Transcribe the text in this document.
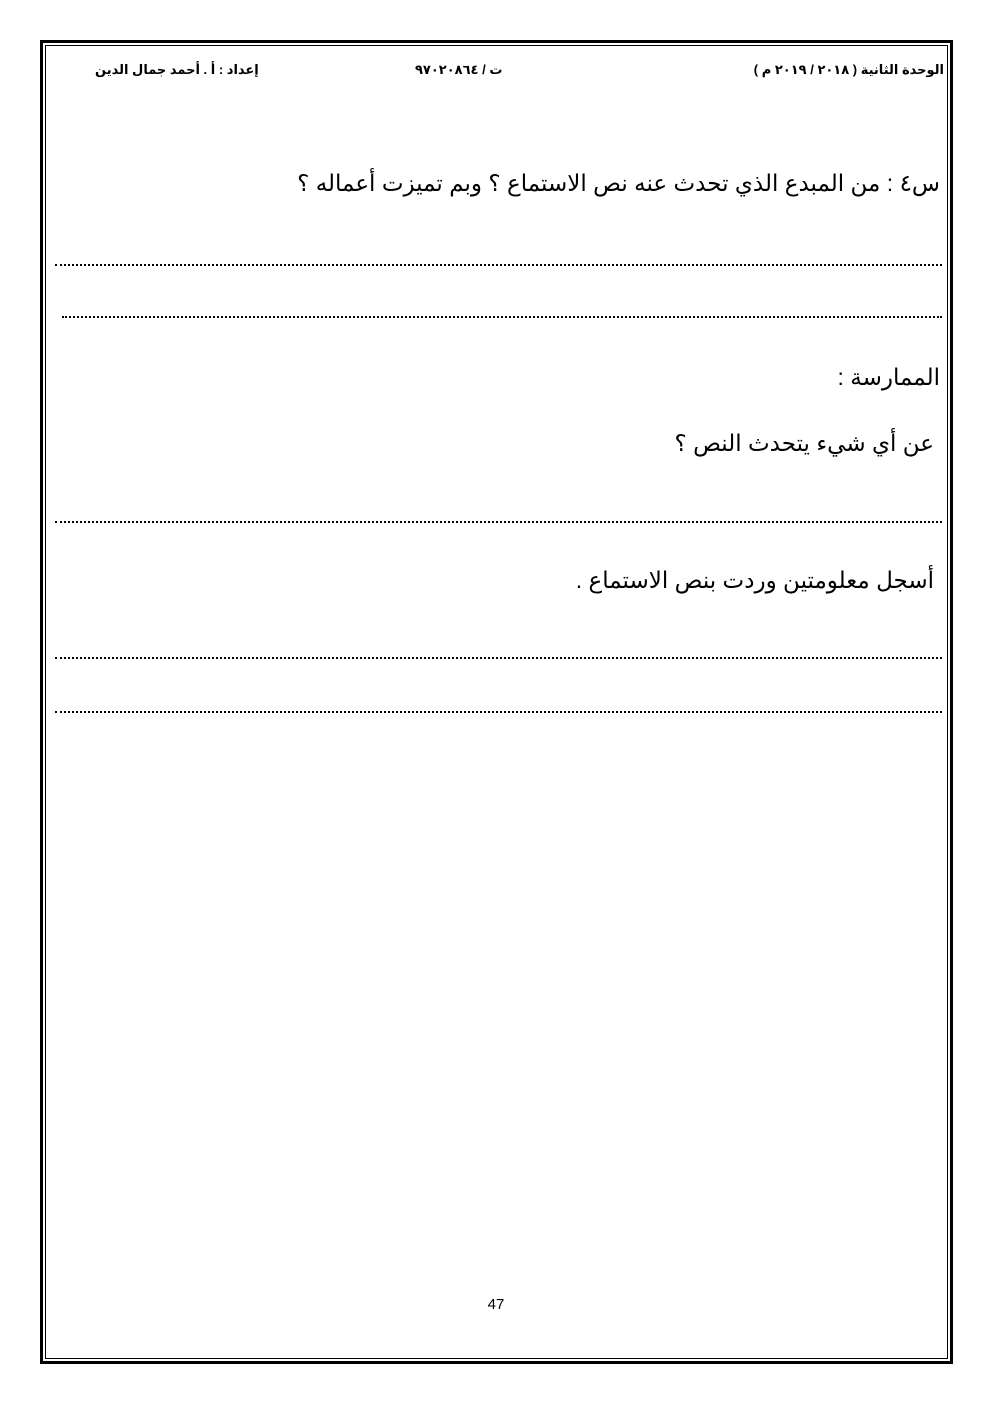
الوحدة الثانية ( ٢٠١٨ / ٢٠١٩ م )
ت / ٩٧٠٢٠٨٦٤
إعداد : أ . أحمد جمال الدين
س٤ : من المبدع الذي تحدث عنه نص الاستماع ؟ وبم تميزت أعماله ؟
الممارسة :
عن أي شيء يتحدث النص ؟
أسجل معلومتين وردت بنص الاستماع .
47
